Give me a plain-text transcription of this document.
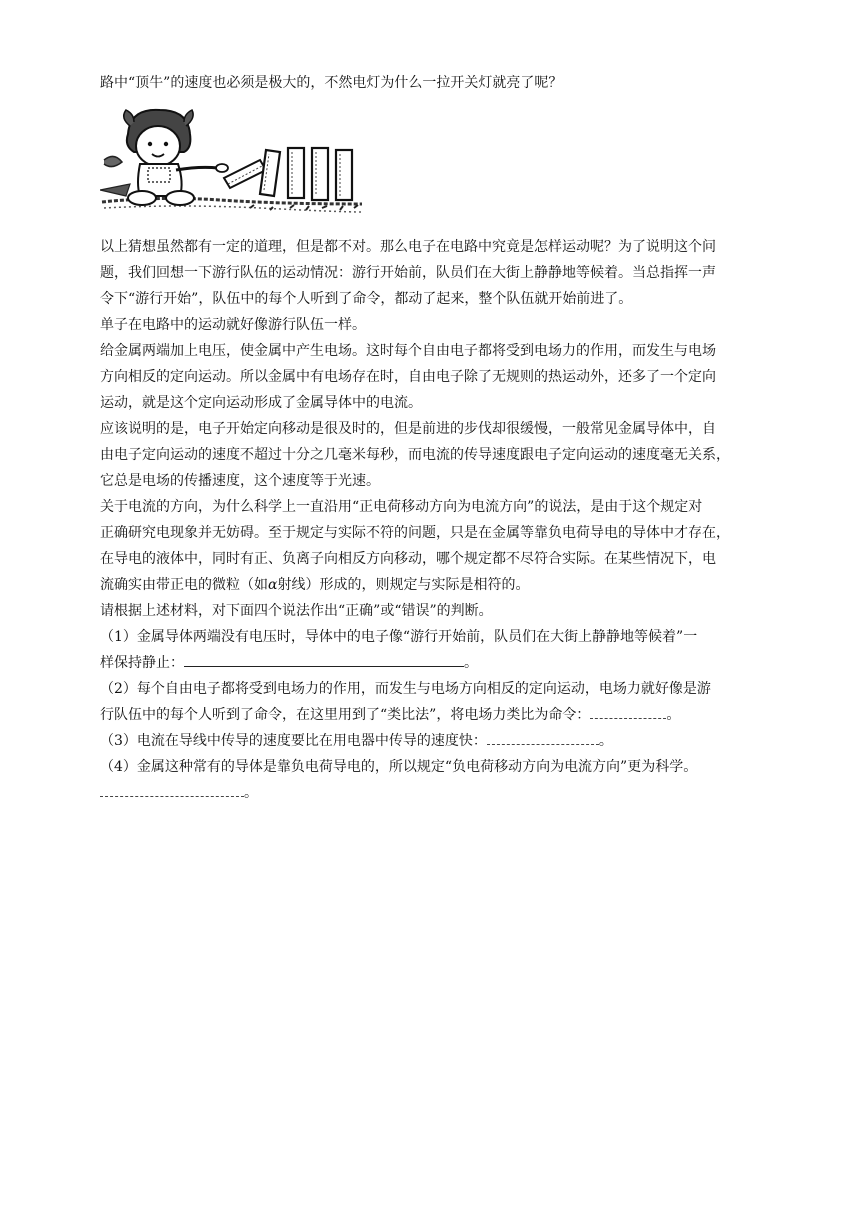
路中“顶牛”的速度也必须是极大的，不然电灯为什么一拉开关灯就亮了呢？

以上猜想虽然都有一定的道理，但是都不对。那么电子在电路中究竟是怎样运动呢？为了说明这个问

题，我们回想一下游行队伍的运动情况：游行开始前，队员们在大街上静静地等候着。当总指挥一声

令下“游行开始”，队伍中的每个人听到了命令，都动了起来，整个队伍就开始前进了。

单子在电路中的运动就好像游行队伍一样。

给金属两端加上电压，使金属中产生电场。这时每个自由电子都将受到电场力的作用，而发生与电场

方向相反的定向运动。所以金属中有电场存在时，自由电子除了无规则的热运动外，还多了一个定向

运动，就是这个定向运动形成了金属导体中的电流。

应该说明的是，电子开始定向移动是很及时的，但是前进的步伐却很缓慢，一般常见金属导体中，自

由电子定向运动的速度不超过十分之几毫米每秒，而电流的传导速度跟电子定向运动的速度毫无关系，

它总是电场的传播速度，这个速度等于光速。

关于电流的方向，为什么科学上一直沿用“正电荷移动方向为电流方向”的说法，是由于这个规定对

正确研究电现象并无妨碍。至于规定与实际不符的问题，只是在金属等靠负电荷导电的导体中才存在，

在导电的液体中，同时有正、负离子向相反方向移动，哪个规定都不尽符合实际。在某些情况下，电

流确实由带正电的微粒（如α射线）形成的，则规定与实际是相符的。

请根据上述材料，对下面四个说法作出“正确”或“错误”的判断。

（1）金属导体两端没有电压时，导体中的电子像“游行开始前，队员们在大街上静静地等候着”一

样保持静止：	。

（2）每个自由电子都将受到电场力的作用，而发生与电场方向相反的定向运动，电场力就好像是游

行队伍中的每个人听到了命令，在这里用到了“类比法”，将电场力类比为命令：	。

（3）电流在导线中传导的速度要比在用电器中传导的速度快：	。

（4）金属这种常有的导体是靠负电荷导电的，所以规定“负电荷移动方向为电流方向”更为科学。

。
